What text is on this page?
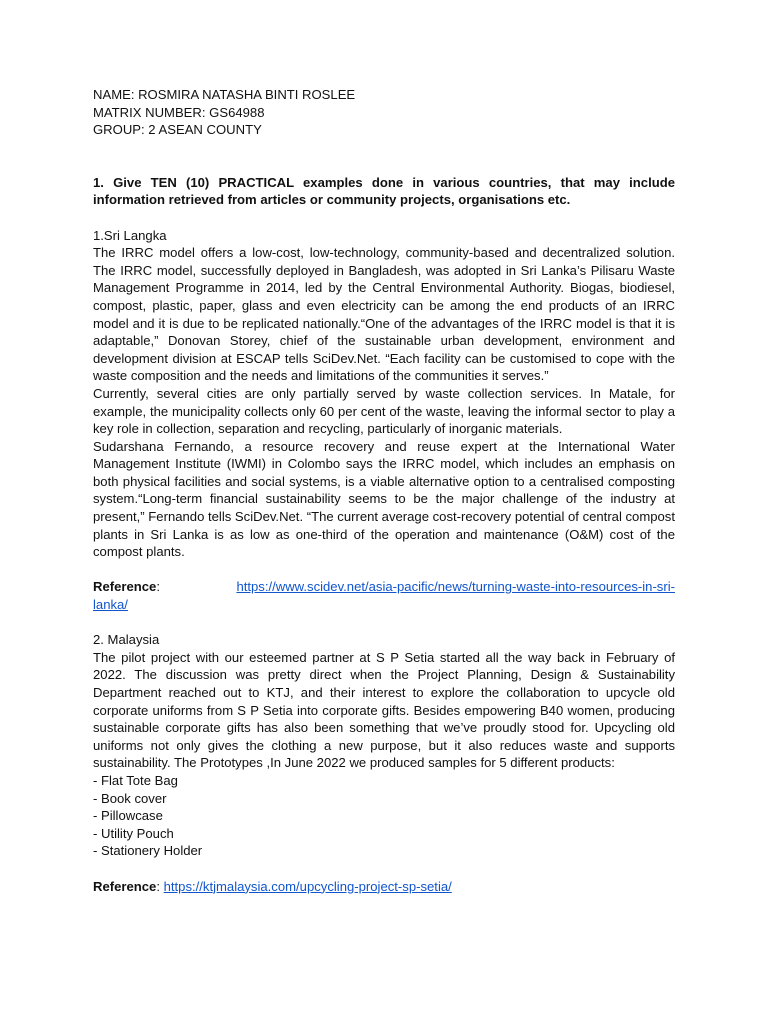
NAME: ROSMIRA NATASHA BINTI ROSLEE

MATRIX NUMBER: GS64988

GROUP: 2 ASEAN COUNTY

1. Give TEN (10) PRACTICAL examples done in various countries, that may include information retrieved from articles or community projects, organisations etc.

1.Sri Langka

The IRRC model offers a low-cost, low-technology, community-based and decentralized solution. The IRRC model, successfully deployed in Bangladesh, was adopted in Sri Lanka’s Pilisaru Waste Management Programme in 2014, led by the Central Environmental Authority. Biogas, biodiesel, compost, plastic, paper, glass and even electricity can be among the end products of an IRRC model and it is due to be replicated nationally.“One of the advantages of the IRRC model is that it is adaptable,” Donovan Storey, chief of the sustainable urban development, environment and development division at ESCAP tells SciDev.Net. “Each facility can be customised to cope with the waste composition and the needs and limitations of the communities it serves.”

Currently, several cities are only partially served by waste collection services. In Matale, for example, the municipality collects only 60 per cent of the waste, leaving the informal sector to play a key role in collection, separation and recycling, particularly of inorganic materials.

Sudarshana Fernando, a resource recovery and reuse expert at the International Water Management Institute (IWMI) in Colombo says the IRRC model, which includes an emphasis on both physical facilities and social systems, is a viable alternative option to a centralised composting system.“Long-term financial sustainability seems to be the major challenge of the industry at present,” Fernando tells SciDev.Net. “The current average cost-recovery potential of central compost plants in Sri Lanka is as low as one-third of the operation and maintenance (O&M) cost of the compost plants.

Reference:	https://www.scidev.net/asia-pacific/news/turning-waste-into-resources-in-sri-
lanka/

2. Malaysia

The pilot project with our esteemed partner at S P Setia started all the way back in February of 2022. The discussion was pretty direct when the Project Planning, Design & Sustainability Department reached out to KTJ, and their interest to explore the collaboration to upcycle old corporate uniforms from S P Setia into corporate gifts. Besides empowering B40 women, producing sustainable corporate gifts has also been something that we’ve proudly stood for. Upcycling old uniforms not only gives the clothing a new purpose, but it also reduces waste and supports sustainability. The Prototypes ,In June 2022 we produced samples for 5 different products:

- Flat Tote Bag
- Book cover
- Pillowcase
- Utility Pouch
- Stationery Holder
Reference: https://ktjmalaysia.com/upcycling-project-sp-setia/
